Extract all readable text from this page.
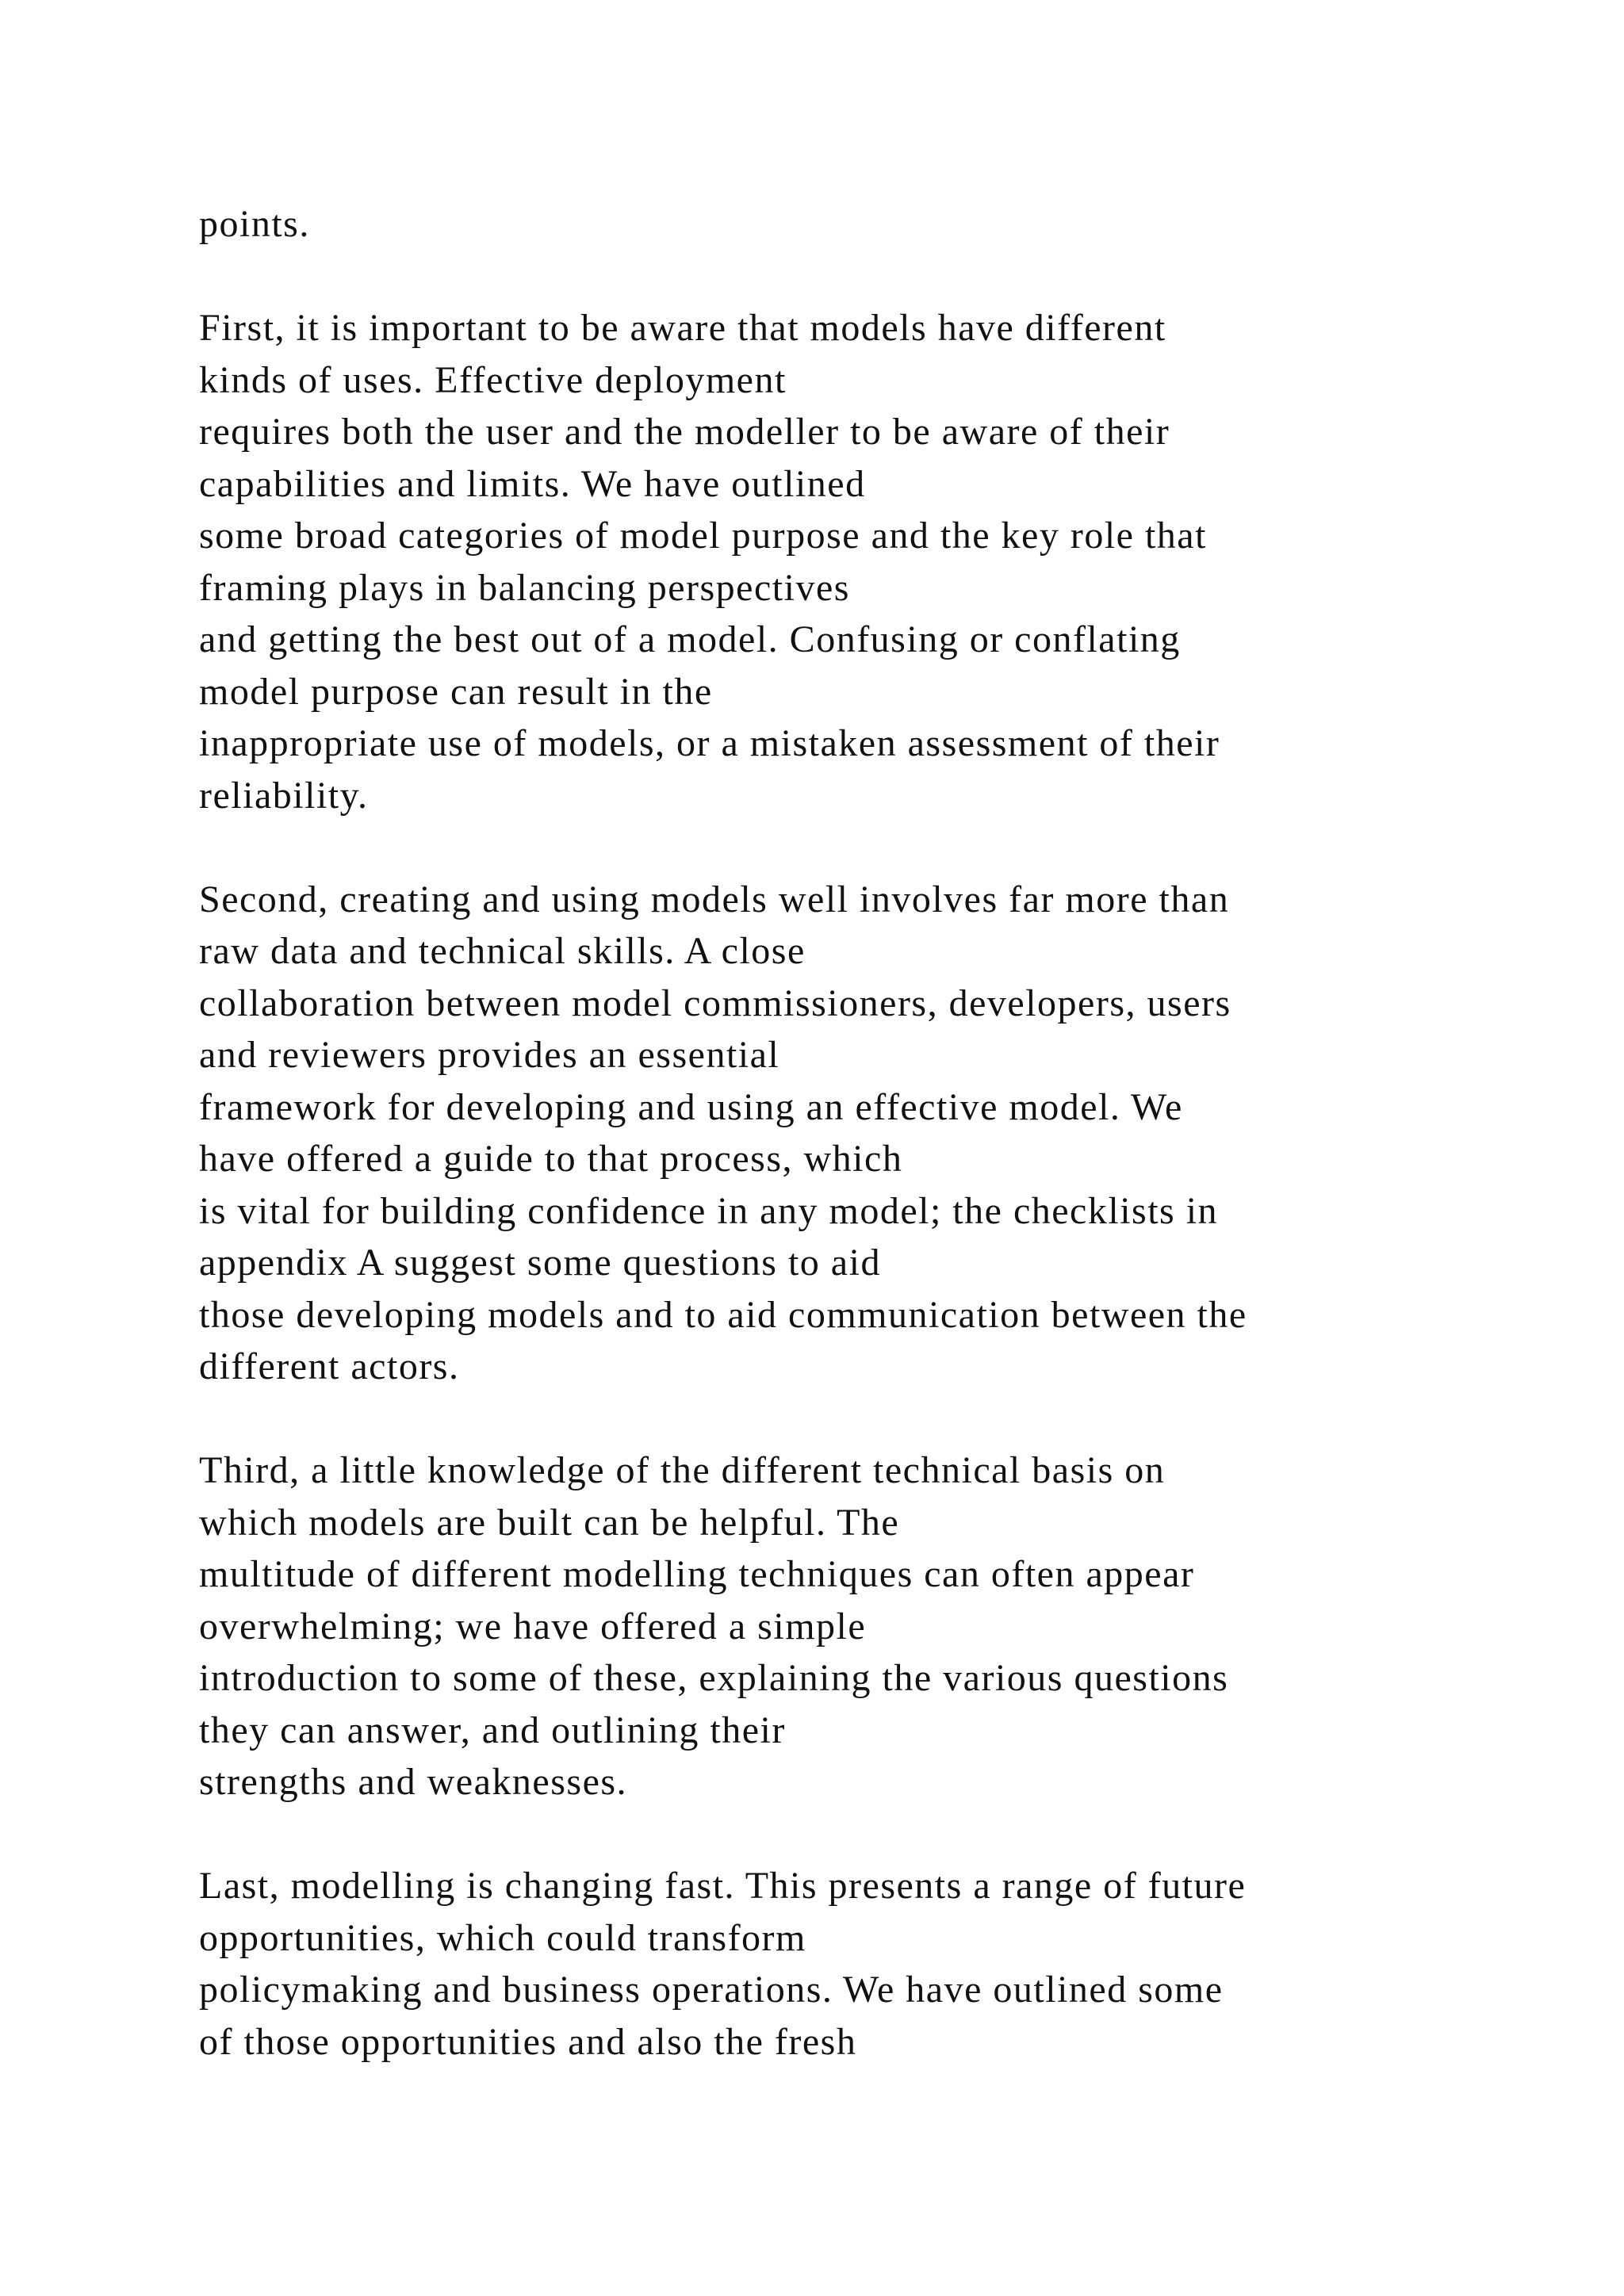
points.
First, it is important to be aware that models have different
kinds of uses. Effective deployment
requires both the user and the modeller to be aware of their
capabilities and limits. We have outlined
some broad categories of model purpose and the key role that
framing plays in balancing perspectives
and getting the best out of a model. Confusing or conflating
model purpose can result in the
inappropriate use of models, or a mistaken assessment of their
reliability.
Second, creating and using models well involves far more than
raw data and technical skills. A close
collaboration between model commissioners, developers, users
and reviewers provides an essential
framework for developing and using an effective model. We
have offered a guide to that process, which
is vital for building confidence in any model; the checklists in
appendix A suggest some questions to aid
those developing models and to aid communication between the
different actors.
Third, a little knowledge of the different technical basis on
which models are built can be helpful. The
multitude of different modelling techniques can often appear
overwhelming; we have offered a simple
introduction to some of these, explaining the various questions
they can answer, and outlining their
strengths and weaknesses.
Last, modelling is changing fast. This presents a range of future
opportunities, which could transform
policymaking and business operations. We have outlined some
of those opportunities and also the fresh
